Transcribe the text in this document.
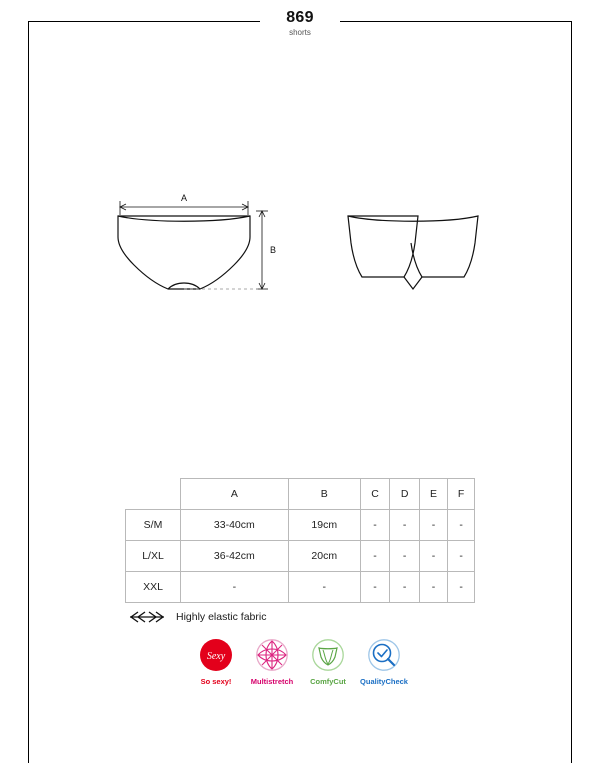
869
shorts
A
B
	A	B	C	D	E	F
S/M	33-40cm	19cm	-	-	-	-
L/XL	36-42cm	20cm	-	-	-	-
XXL	-	-	-	-	-	-
Highly elastic fabric
Sexy
So sexy!	Multistretch	ComfyCut	QualityCheck
